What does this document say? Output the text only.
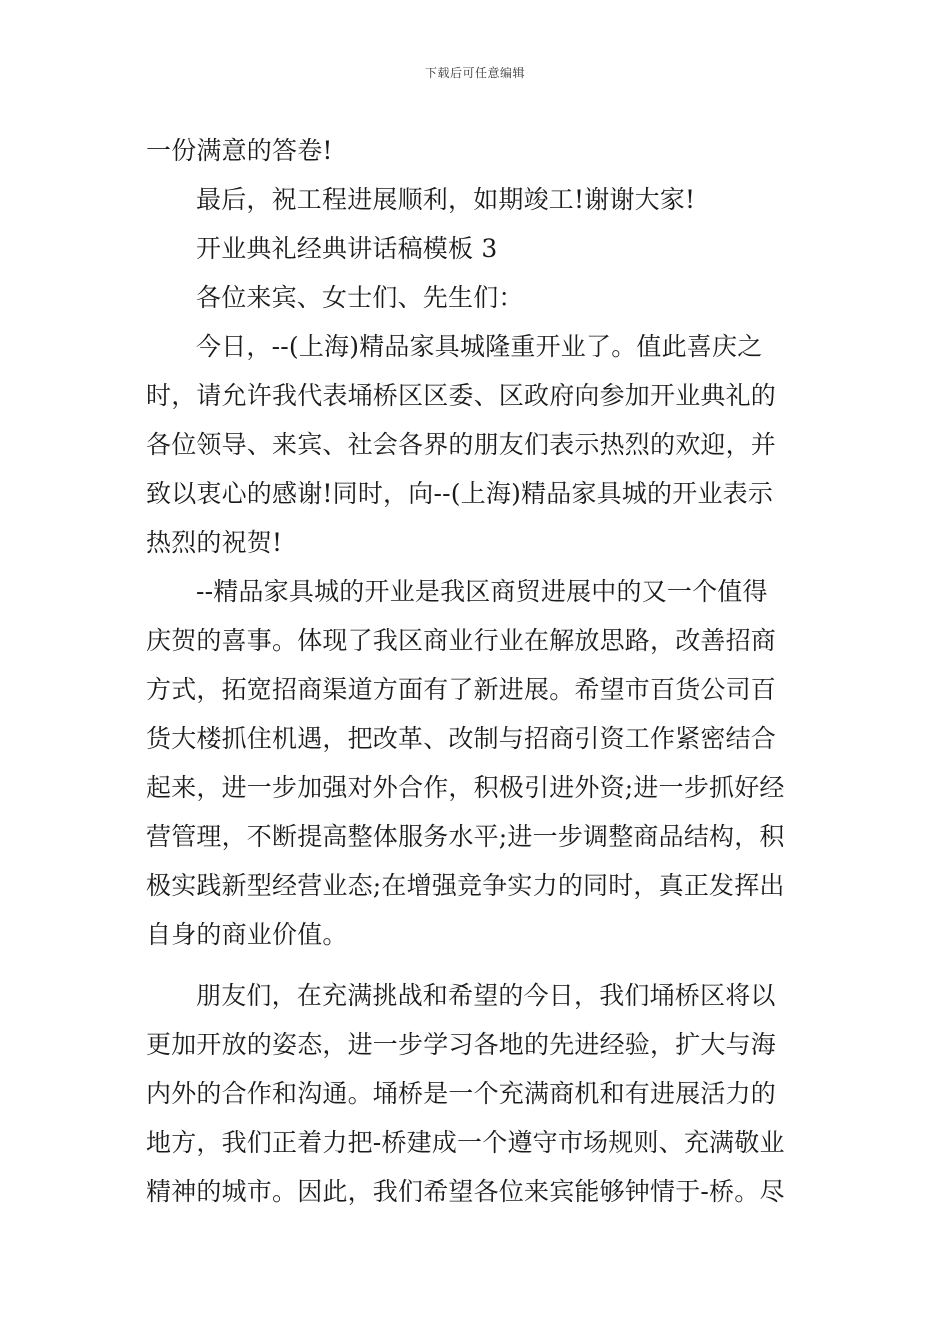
下载后可任意编辑
一份满意的答卷!
最后，祝工程进展顺利，如期竣工!谢谢大家!
开业典礼经典讲话稿模板 3
各位来宾、女士们、先生们：
今日，--(上海)精品家具城隆重开业了。值此喜庆之
时，请允许我代表埇桥区区委、区政府向参加开业典礼的
各位领导、来宾、社会各界的朋友们表示热烈的欢迎，并
致以衷心的感谢!同时，向--(上海)精品家具城的开业表示
热烈的祝贺!
--精品家具城的开业是我区商贸进展中的又一个值得
庆贺的喜事。体现了我区商业行业在解放思路，改善招商
方式，拓宽招商渠道方面有了新进展。希望市百货公司百
货大楼抓住机遇，把改革、改制与招商引资工作紧密结合
起来，进一步加强对外合作，积极引进外资;进一步抓好经
营管理，不断提高整体服务水平;进一步调整商品结构，积
极实践新型经营业态;在增强竞争实力的同时，真正发挥出
自身的商业价值。
朋友们，在充满挑战和希望的今日，我们埇桥区将以
更加开放的姿态，进一步学习各地的先进经验，扩大与海
内外的合作和沟通。埇桥是一个充满商机和有进展活力的
地方，我们正着力把-桥建成一个遵守市场规则、充满敬业
精神的城市。因此，我们希望各位来宾能够钟情于-桥。尽
